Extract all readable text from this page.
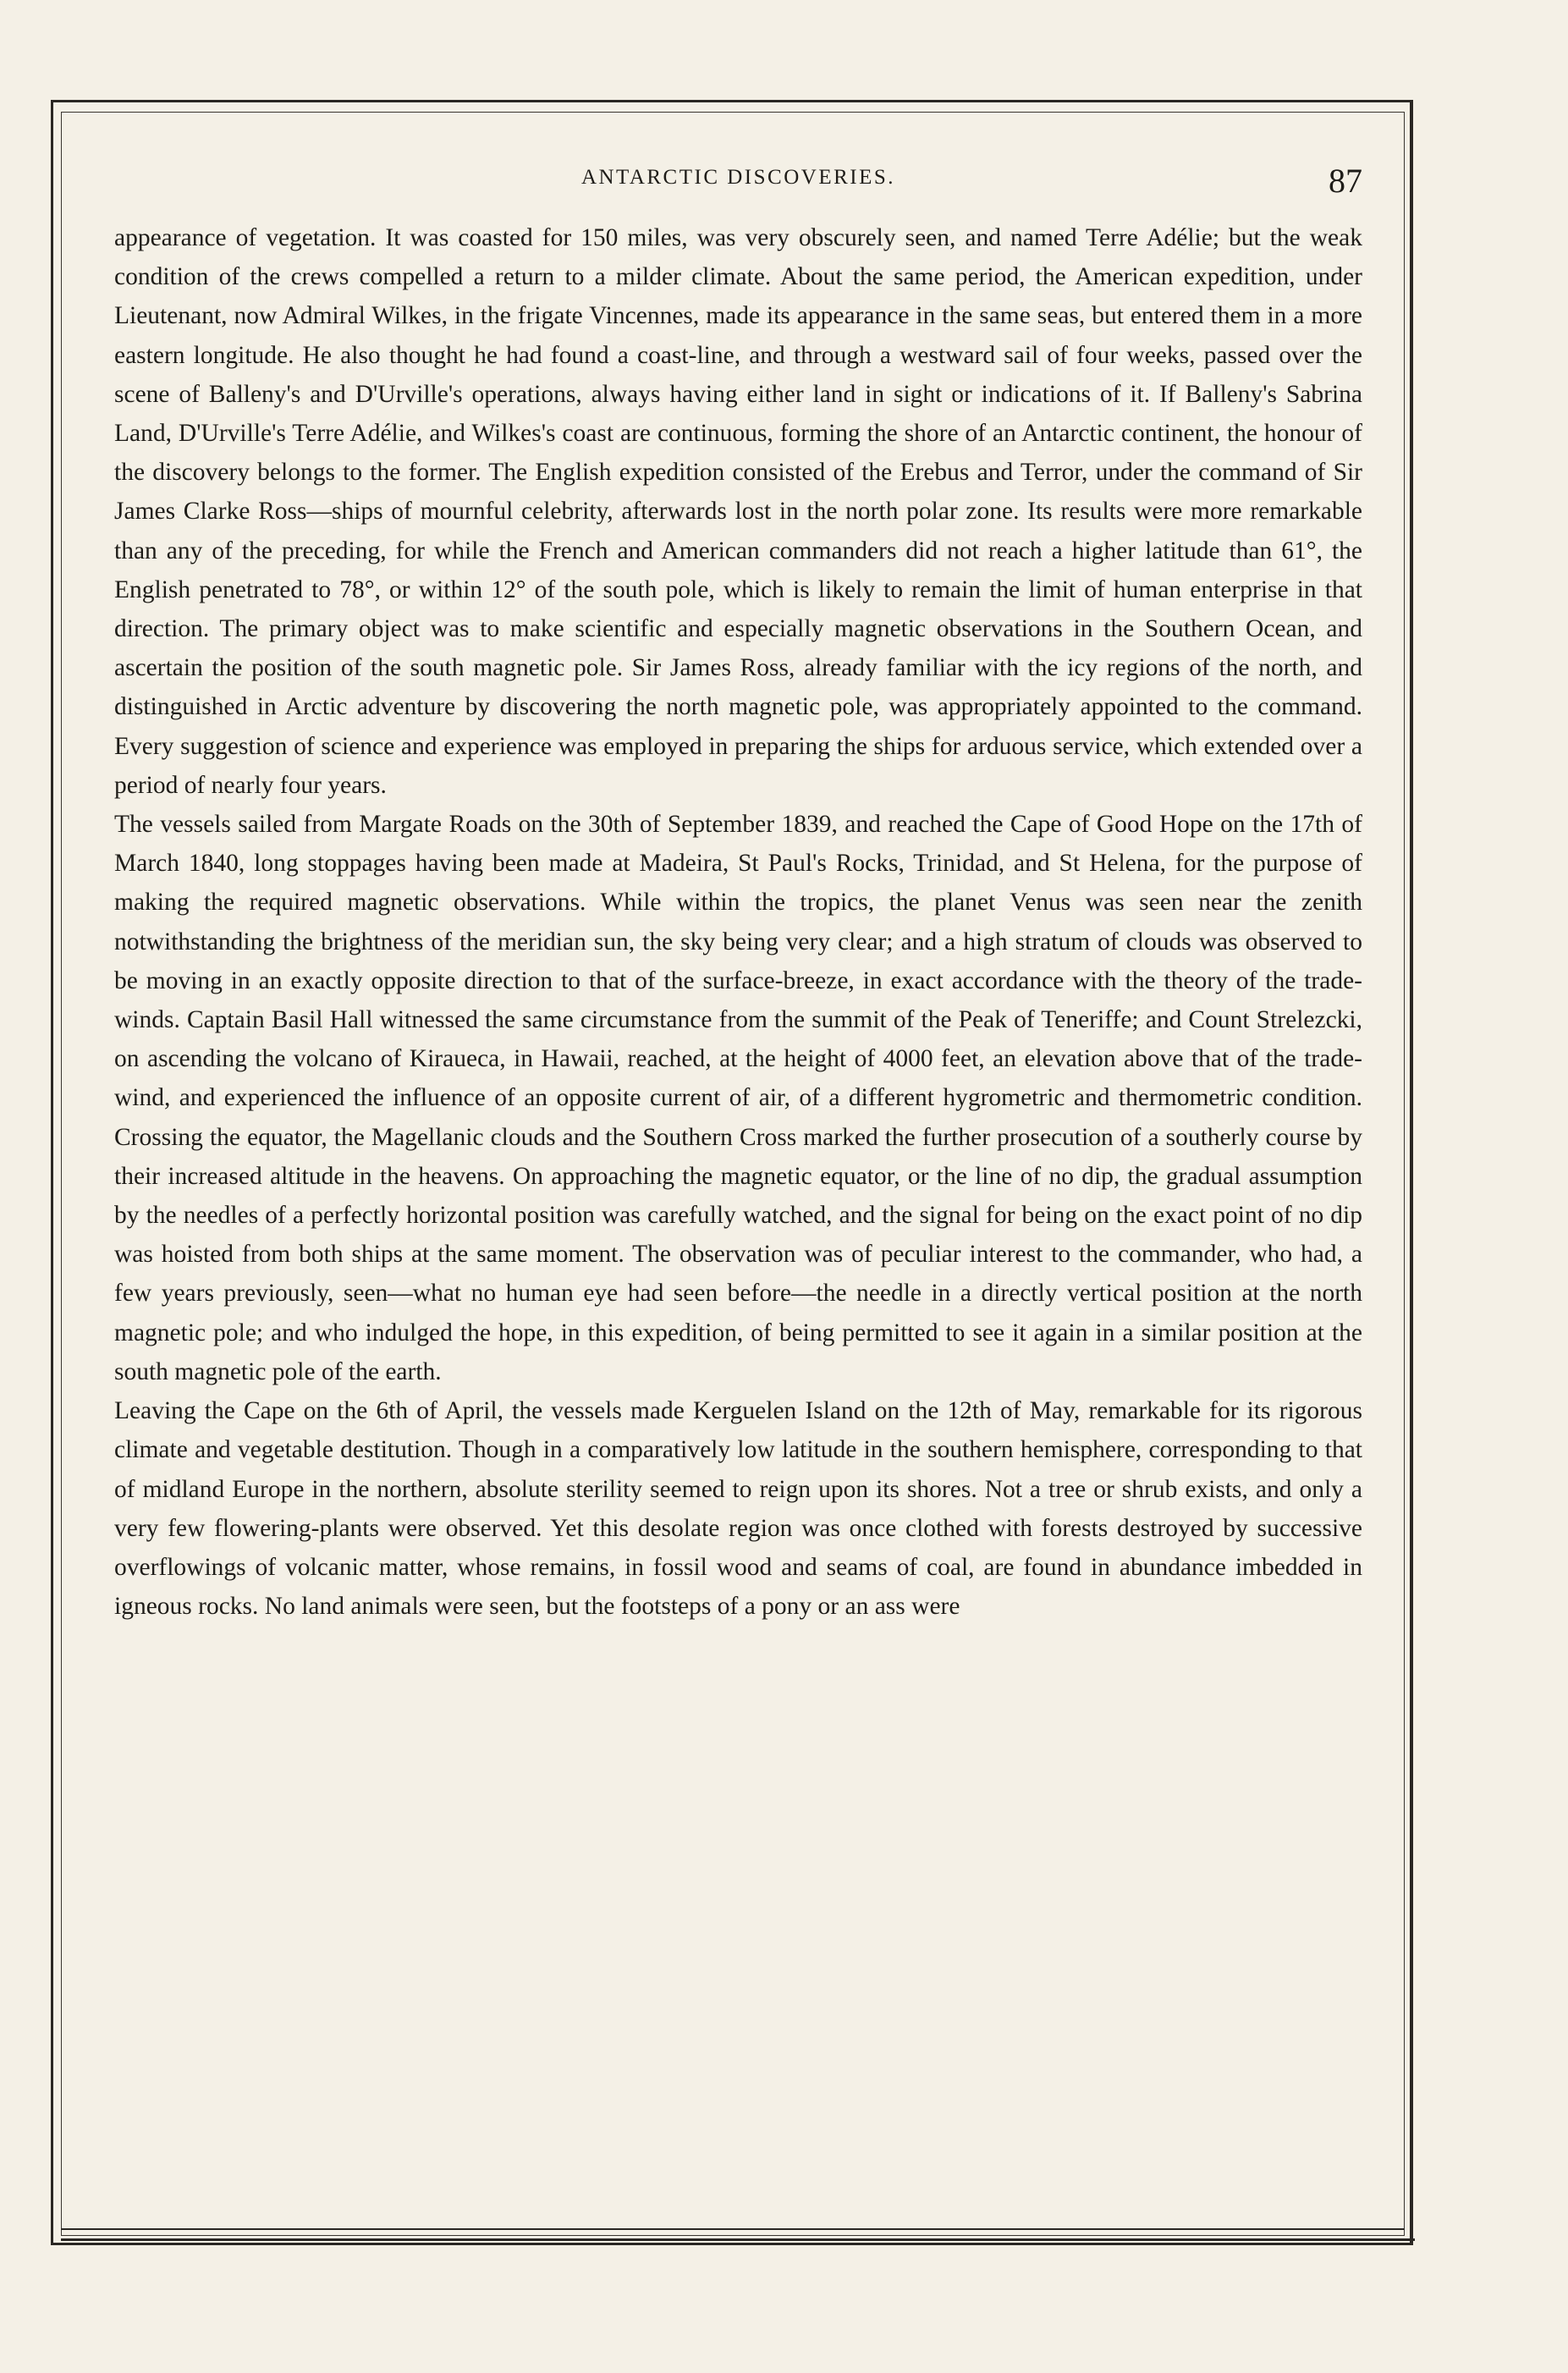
ANTARCTIC DISCOVERIES.	87

appearance of vegetation. It was coasted for 150 miles, was very obscurely seen, and named Terre Adélie; but the weak condition of the crews compelled a return to a milder climate. About the same period, the American expedition, under Lieutenant, now Admiral Wilkes, in the frigate Vincennes, made its appearance in the same seas, but entered them in a more eastern longitude. He also thought he had found a coast-line, and through a westward sail of four weeks, passed over the scene of Balleny's and D'Urville's operations, always having either land in sight or indications of it. If Balleny's Sabrina Land, D'Urville's Terre Adélie, and Wilkes's coast are continuous, forming the shore of an Antarctic continent, the honour of the discovery belongs to the former. The English expedition consisted of the Erebus and Terror, under the command of Sir James Clarke Ross—ships of mournful celebrity, afterwards lost in the north polar zone. Its results were more remarkable than any of the preceding, for while the French and American commanders did not reach a higher latitude than 61°, the English penetrated to 78°, or within 12° of the south pole, which is likely to remain the limit of human enterprise in that direction. The primary object was to make scientific and especially magnetic observations in the Southern Ocean, and ascertain the position of the south magnetic pole. Sir James Ross, already familiar with the icy regions of the north, and distinguished in Arctic adventure by discovering the north magnetic pole, was appropriately appointed to the command. Every suggestion of science and experience was employed in preparing the ships for arduous service, which extended over a period of nearly four years.

The vessels sailed from Margate Roads on the 30th of September 1839, and reached the Cape of Good Hope on the 17th of March 1840, long stoppages having been made at Madeira, St Paul's Rocks, Trinidad, and St Helena, for the purpose of making the required magnetic observations. While within the tropics, the planet Venus was seen near the zenith notwithstanding the brightness of the meridian sun, the sky being very clear; and a high stratum of clouds was observed to be moving in an exactly opposite direction to that of the surface-breeze, in exact accordance with the theory of the trade-winds. Captain Basil Hall witnessed the same circumstance from the summit of the Peak of Teneriffe; and Count Strelezcki, on ascending the volcano of Kiraueca, in Hawaii, reached, at the height of 4000 feet, an elevation above that of the trade-wind, and experienced the influence of an opposite current of air, of a different hygrometric and thermometric condition. Crossing the equator, the Magellanic clouds and the Southern Cross marked the further prosecution of a southerly course by their increased altitude in the heavens. On approaching the magnetic equator, or the line of no dip, the gradual assumption by the needles of a perfectly horizontal position was carefully watched, and the signal for being on the exact point of no dip was hoisted from both ships at the same moment. The observation was of peculiar interest to the commander, who had, a few years previously, seen—what no human eye had seen before—the needle in a directly vertical position at the north magnetic pole; and who indulged the hope, in this expedition, of being permitted to see it again in a similar position at the south magnetic pole of the earth.

Leaving the Cape on the 6th of April, the vessels made Kerguelen Island on the 12th of May, remarkable for its rigorous climate and vegetable destitution. Though in a comparatively low latitude in the southern hemisphere, corresponding to that of midland Europe in the northern, absolute sterility seemed to reign upon its shores. Not a tree or shrub exists, and only a very few flowering-plants were observed. Yet this desolate region was once clothed with forests destroyed by successive overflowings of volcanic matter, whose remains, in fossil wood and seams of coal, are found in abundance imbedded in igneous rocks. No land animals were seen, but the footsteps of a pony or an ass were
